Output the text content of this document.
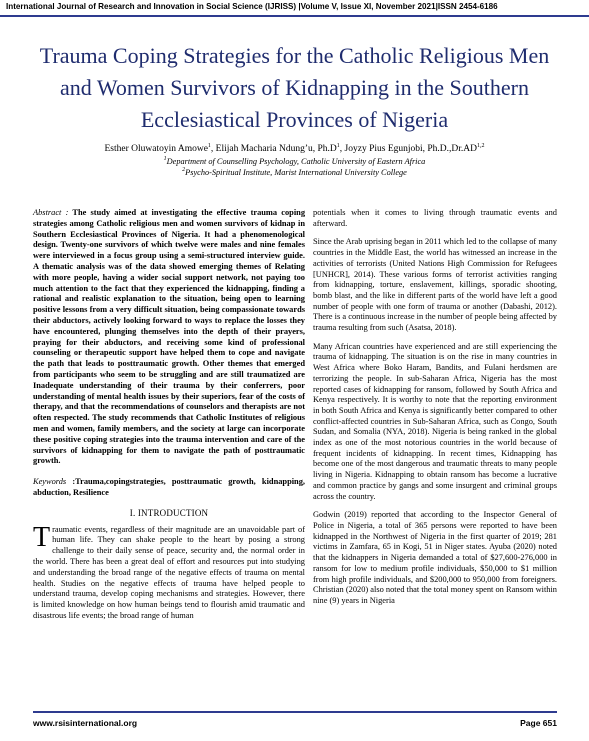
International Journal of Research and Innovation in Social Science (IJRISS) |Volume V, Issue XI, November 2021|ISSN 2454-6186
Trauma Coping Strategies for the Catholic Religious Men and Women Survivors of Kidnapping in the Southern Ecclesiastical Provinces of Nigeria
Esther Oluwatoyin Amowe$^1$, Elijah Macharia Ndung’u, $Ph.D^1$, Joyzy Pius Egunjobi, Ph.D.,Dr.AD$^{1,2}$
$^1$Department of Counselling Psychology, Catholic University of Eastern Africa
$^2$Psycho-Spiritual Institute, Marist International University College

Abstract : The study aimed at investigating the effective trauma coping strategies among Catholic religious men and women survivors of kidnap in Southern Ecclesiastical Provinces of Nigeria. It had a phenomenological design. Twenty-one survivors of which twelve were males and nine females were interviewed in a focus group using a semi-structured interview guide. A thematic analysis was of the data showed emerging themes of Relating with more people, having a wider social support network, not paying too much attention to the fact that they experienced the kidnapping, finding a rational and realistic explanation to the situation, being open to learning positive lessons from a very difficult situation, being compassionate towards their abductors, actively looking forward to ways to replace the losses they have encountered, plunging themselves into the depth of their prayers, praying for their abductors, and receiving some kind of professional counseling or therapeutic support have helped them to cope and navigate the path that leads to posttraumatic growth. Other themes that emerged from participants who seem to be struggling and are still traumatized are Inadequate understanding of their trauma by their conferrers, poor understanding of mental health issues by their superiors, fear of the costs of therapy, and that the recommendations of counselors and therapists are not often respected. The study recommends that Catholic Institutes of religious men and women, family members, and the society at large can incorporate these positive coping strategies into the trauma intervention and care of the survivors of kidnapping for them to navigate the path of posttraumatic growth.

Keywords :Trauma,copingstrategies, posttraumatic growth, kidnapping, abduction, Resilience

I. INTRODUCTION

Traumatic events, regardless of their magnitude are an unavoidable part of human life. They can shake people to the heart by posing a strong challenge to their daily sense of peace, security and, the normal order in the world. There has been a great deal of effort and resources put into studying and understanding the broad range of the negative effects of trauma on mental health. Studies on the negative effects of trauma have helped people to understand trauma, develop coping mechanisms and strategies. However, there is limited knowledge on how human beings tend to flourish amid traumatic and disastrous life events; the broad range of human

potentials when it comes to living through traumatic events and afterward.

Since the Arab uprising began in 2011 which led to the collapse of many countries in the Middle East, the world has witnessed an increase in the activities of terrorists (United Nations High Commission for Refugees [UNHCR], 2014). These various forms of terrorist activities ranging from kidnapping, torture, enslavement, killings, sporadic shooting, bomb blast, and the like in different parts of the world have left a good number of people with one form of trauma or another (Dabashi, 2012). There is a continuous increase in the number of people being affected by trauma resulting from such (Asatsa, 2018).

Many African countries have experienced and are still experiencing the trauma of kidnapping. The situation is on the rise in many countries in West Africa where Boko Haram, Bandits, and Fulani herdsmen are terrorizing the people. In sub-Saharan Africa, Nigeria has the most reported cases of kidnapping for ransom, followed by South Africa and Kenya respectively. It is worthy to note that the reporting environment in both South Africa and Kenya is significantly better compared to other conflict-affected countries in Sub-Saharan Africa, such as Congo, South Sudan, and Somalia (NYA, 2018). Nigeria is being ranked in the global index as one of the most notorious countries in the world because of frequent incidents of kidnapping. In recent times, Kidnapping has become one of the most dangerous and traumatic threats to many people living in Nigeria. Kidnapping to obtain ransom has become a lucrative and common practice by gangs and some insurgent and criminal groups across the country.

Godwin (2019) reported that according to the Inspector General of Police in Nigeria, a total of 365 persons were reported to have been kidnapped in the Northwest of Nigeria in the first quarter of 2019; 281 victims in Zamfara, 65 in Kogi, 51 in Niger states. Ayuba (2020) noted that the kidnappers in Nigeria demanded a total of $27,600-276,000 in ransom for low to medium profile individuals, $50,000 to $1 million from high profile individuals, and $200,000 to 950,000 from foreigners. Christian (2020) also noted that the total money spent on Ransom within nine (9) years in Nigeria

www.rsisinternational.org	Page 651
